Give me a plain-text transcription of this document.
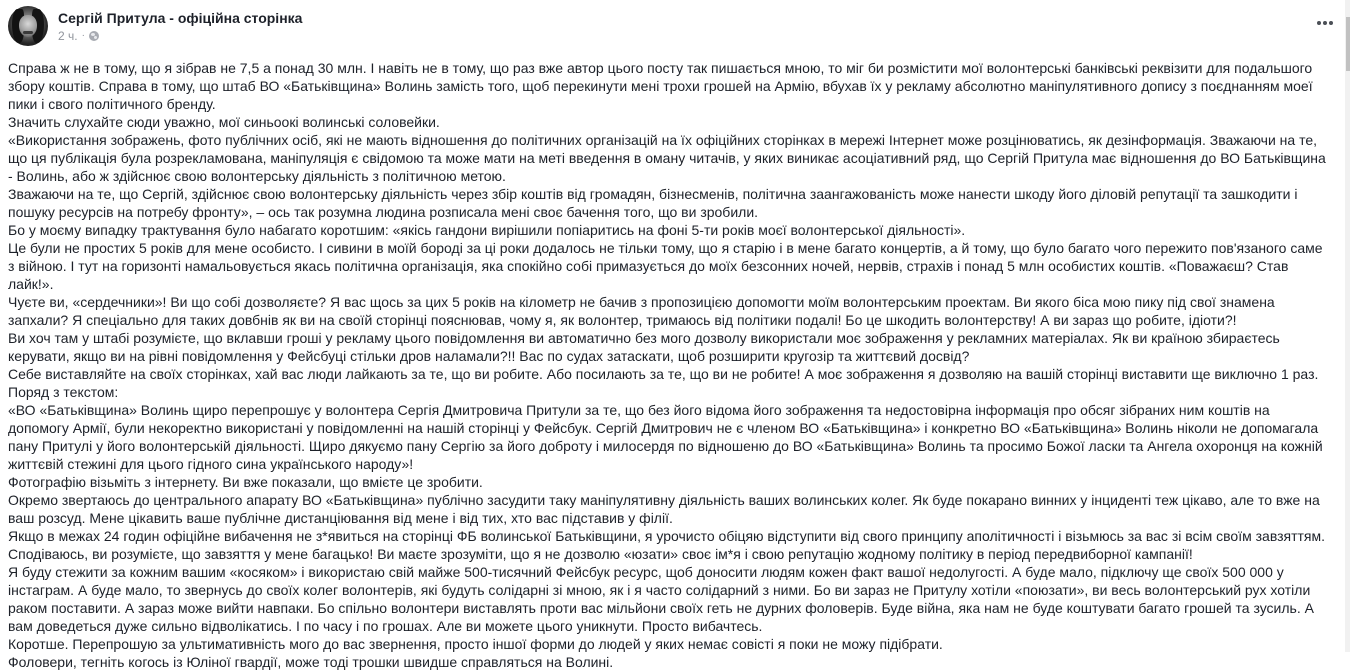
Сергій Притула - офіційна сторінка
2 ч. ·

Справа ж не в тому, що я зібрав не 7,5 а понад 30 млн. І навіть не в тому, що раз вже автор цього посту так пишається мною, то міг би розмістити мої волонтерські банківські реквізити для подальшого збору коштів. Справа в тому, що штаб ВО «Батьківщина» Волинь замість того, щоб перекинути мені трохи грошей на Армію, вбухав їх у рекламу абсолютно маніпулятивного допису з поєднанням моеї пики і свого політичного бренду.

Значить слухайте сюди уважно, мої синьоокі волинські соловейки.

«Використання зображень, фото публічних осіб, які не мають відношення до політичних організацій на їх офіційних сторінках в мережі Інтернет може розцінюватись, як дезінформація. Зважаючи на те, що ця публікація була розрекламована, маніпуляція є свідомою та може мати на меті введення в оману читачів, у яких виникає асоціативний ряд, що Сергій Притула має відношення до ВО Батьківщина - Волинь, або ж здійснює свою волонтерську діяльність з політичною метою.

Зважаючи на те, що Сергій, здійснює свою волонтерську діяльність через збір коштів від громадян, бізнесменів, політична заангажованість може нанести шкоду його діловій репутації та зашкодити і пошуку ресурсів на потребу фронту», – ось так розумна людина розписала мені своє бачення того, що ви зробили.

Бо у моєму випадку трактування було набагато коротшим: «якісь гандони вирішили попіаритись на фоні 5-ти років моєї волонтерської діяльності».

Це були не простих 5 років для мене особисто. І сивини в моїй бороді за ці роки додалось не тільки тому, що я старію і в мене багато концертів, а й тому, що було багато чого пережито пов'язаного саме з війною. І тут на горизонті намальовується якась політична організація, яка спокійно собі примазується до моїх безсонних ночей, нервів, страхів і понад 5 млн особистих коштів. «Поважаєш? Став лайк!».

Чуєте ви, «сердечники»! Ви що собі дозволяєте? Я вас щось за цих 5 років на кілометр не бачив з пропозицією допомогти моїм волонтерським проектам. Ви якого біса мою пику під свої знамена запхали? Я спеціально для таких довбнів як ви на своїй сторінці пояснював, чому я, як волонтер, тримаюсь від політики подалі! Бо це шкодить волонтерству! А ви зараз що робите, ідіоти?!

Ви хоч там у штабі розумієте, що вклавши гроші у рекламу цього повідомлення ви автоматично без мого дозволу використали моє зображення у рекламних матеріалах. Як ви країною збираєтесь керувати, якщо ви на рівні повідомлення у Фейсбуці стільки дров наламали?!! Вас по судах затаскати, щоб розширити кругозір та життєвий досвід?

Себе виставляйте на своїх сторінках, хай вас люди лайкають за те, що ви робите. Або посилають за те, що ви не робите! А моє зображення я дозволяю на вашій сторінці виставити ще виключно 1 раз.

Поряд з текстом:

«ВО «Батьківщина» Волинь щиро перепрошує у волонтера Сергія Дмитровича Притули за те, що без його відома його зображення та недостовірна інформація про обсяг зібраних ним коштів на допомогу Армії, були некоректно використані у повідомленні на нашій сторінці у Фейсбук. Сергій Дмитрович не є членом ВО «Батьківщина» і конкретно ВО «Батьківщина» Волинь ніколи не допомагала пану Притулі у його волонтерській діяльності. Щиро дякуємо пану Сергію за його доброту і милосердя по відношеню до ВО «Батьківщина» Волинь та просимо Божої ласки та Ангела охоронця на кожній життєвій стежині для цього гідного сина українського народу»!

Фотографію візьміть з інтернету. Ви вже показали, що вмієте це зробити.

Окремо звертаюсь до центрального апарату ВО «Батьківщина» публічно засудити таку маніпулятивну діяльність ваших волинських колег. Як буде покарано винних у інциденті теж цікаво, але то вже на ваш розсуд. Мене цікавить ваше публічне дистанціювання від мене і від тих, хто вас підставив у філії.

Якщо в межах 24 годин офіційне вибачення не з*явиться на сторінці ФБ волинської Батьківщини, я урочисто обіцяю відступити від свого принципу аполітичності і візьмюсь за вас зі всім своїм завзяттям.

Сподіваюсь, ви розумієте, що завзяття у мене багацько! Ви маєте зрозуміти, що я не дозволю «юзати» своє ім*я і свою репутацію жодному політику в період передвиборної кампанії!

Я буду стежити за кожним вашим «косяком» і використаю свій майже 500-тисячний Фейсбук ресурс, щоб доносити людям кожен факт вашої недолугості. А буде мало, підключу ще своїх 500 000 у інстаграм. А буде мало, то звернусь до своїх колег волонтерів, які будуть солідарні зі мною, як і я часто солідарний з ними. Бо ви зараз не Притулу хотіли «поюзати», ви весь волонтерський рух хотіли раком поставити. А зараз може вийти навпаки. Бо спільно волонтери виставлять проти вас мільйони своїх геть не дурних фоловерів. Буде війна, яка нам не буде коштувати багато грошей та зусиль. А вам доведеться дуже сильно відволікатись. І по часу і по грошах. Але ви можете цього уникнути. Просто вибачтесь.

Коротше. Перепрошую за ультимативність мого до вас звернення, просто іншої форми до людей у яких немає совісті я поки не можу підібрати.

Фоловери, тегніть когось із Юліної гвардії, може тоді трошки швидше справляться на Волині.
